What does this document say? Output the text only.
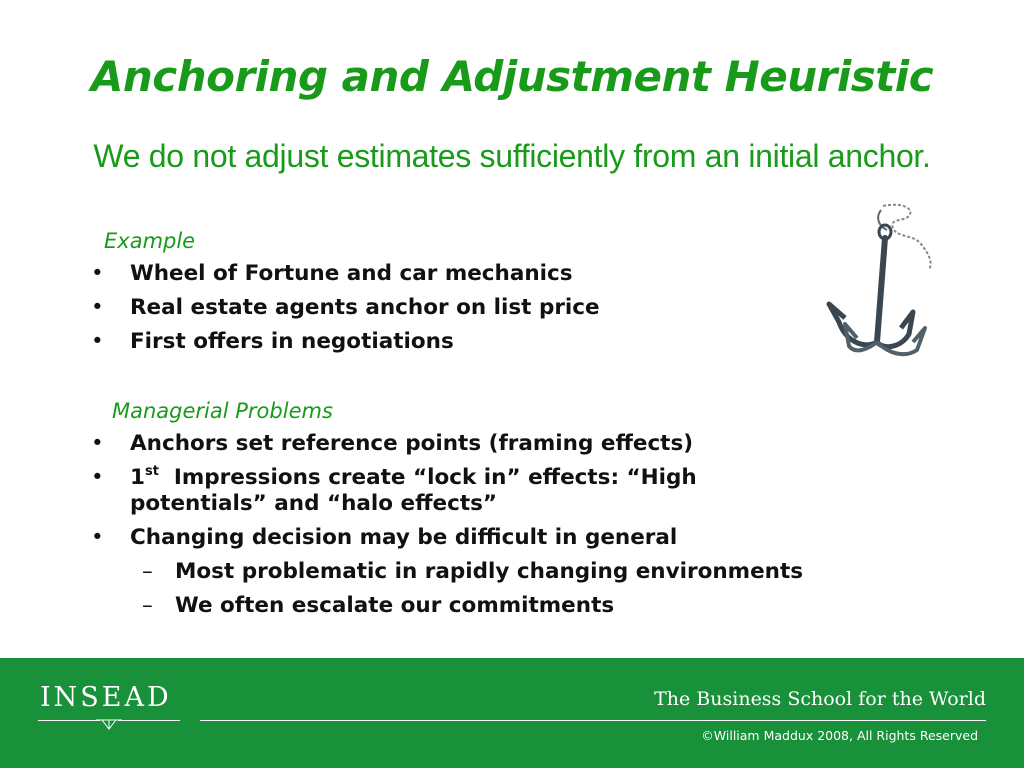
Anchoring and Adjustment Heuristic
We do not adjust estimates sufficiently from an initial anchor.
Example
• Wheel of Fortune and car mechanics
• Real estate agents anchor on list price
• First offers in negotiations
Managerial Problems
• Anchors set reference points (framing effects)
• 1st  Impressions create “lock in” effects: “High potentials” and “halo effects”
• Changing decision may be difficult in general
– Most problematic in rapidly changing environments
– We often escalate our commitments
INSEAD	The Business School for the World
©William Maddux 2008, All Rights Reserved
